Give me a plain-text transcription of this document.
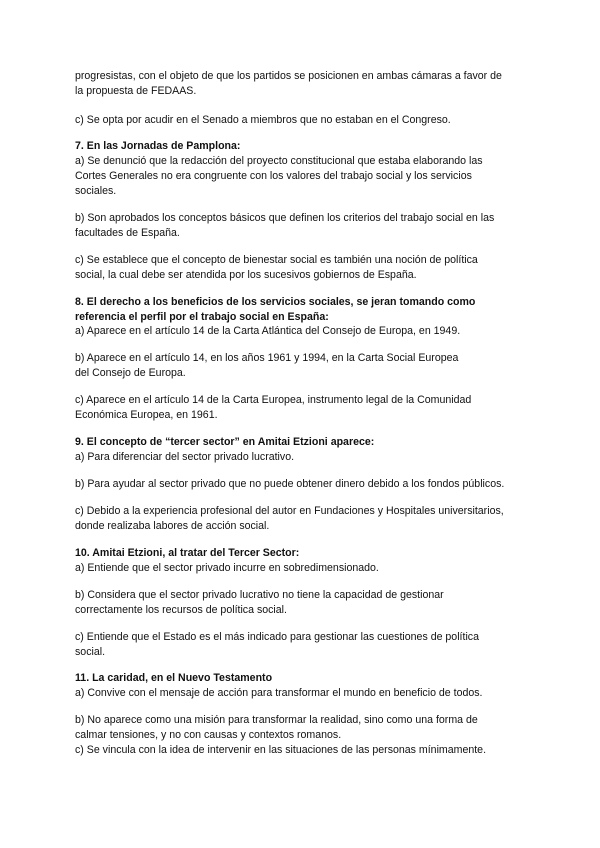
progresistas, con el objeto de que los partidos se posicionen en ambas cámaras a favor de
la propuesta de FEDAAS.

c) Se opta por acudir en el Senado a miembros que no estaban en el Congreso.

7. En las Jornadas de Pamplona:

a) Se denunció que la redacción del proyecto constitucional que estaba elaborando las
Cortes Generales no era congruente con los valores del trabajo social y los servicios
sociales.

b) Son aprobados los conceptos básicos que definen los criterios del trabajo social en las
facultades de España.

c) Se establece que el concepto de bienestar social es también una noción de política
social, la cual debe ser atendida por los sucesivos gobiernos de España.

8. El derecho a los beneficios de los servicios sociales, se jeran tomando como
referencia el perfil por el trabajo social en España:

a) Aparece en el artículo 14 de la Carta Atlántica del Consejo de Europa, en 1949.

b) Aparece en el artículo 14, en los años 1961 y 1994, en la Carta Social Europea
del Consejo de Europa.

c) Aparece en el artículo 14 de la Carta Europea, instrumento legal de la Comunidad
Económica Europea, en 1961.

9. El concepto de “tercer sector” en Amitai Etzioni aparece:

a) Para diferenciar del sector privado lucrativo.

b) Para ayudar al sector privado que no puede obtener dinero debido a los fondos públicos.

c) Debido a la experiencia profesional del autor en Fundaciones y Hospitales universitarios,
donde realizaba labores de acción social.

10. Amitai Etzioni, al tratar del Tercer Sector:

a) Entiende que el sector privado incurre en sobredimensionado.

b) Considera que el sector privado lucrativo no tiene la capacidad de gestionar
correctamente los recursos de política social.

c) Entiende que el Estado es el más indicado para gestionar las cuestiones de política
social.

11. La caridad, en el Nuevo Testamento

a) Convive con el mensaje de acción para transformar el mundo en beneficio de todos.

b) No aparece como una misión para transformar la realidad, sino como una forma de
calmar tensiones, y no con causas y contextos romanos.

c) Se vincula con la idea de intervenir en las situaciones de las personas mínimamente.
